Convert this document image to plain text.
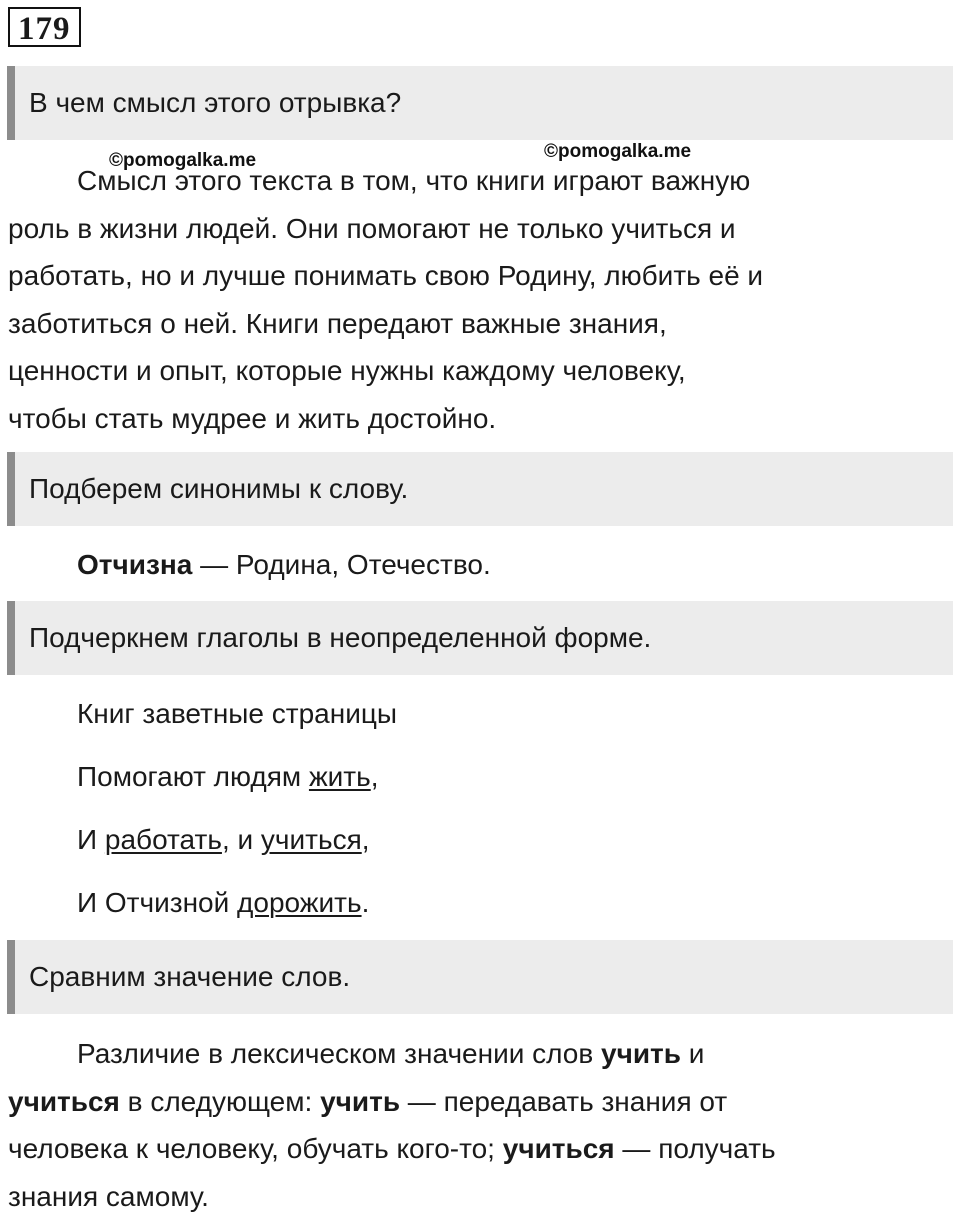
179
В чем смысл этого отрывка?
©pomogalka.me	©pomogalka.me
Смысл этого текста в том, что книги играют важную
роль в жизни людей. Они помогают не только учиться и
работать, но и лучше понимать свою Родину, любить её и
заботиться о ней. Книги передают важные знания,
ценности и опыт, которые нужны каждому человеку,
чтобы стать мудрее и жить достойно.
Подберем синонимы к слову.
Отчизна — Родина, Отечество.
Подчеркнем глаголы в неопределенной форме.
Книг заветные страницы
Помогают людям жить,
И работать, и учиться,
И Отчизной дорожить.
Сравним значение слов.
Различие в лексическом значении слов учить и
учиться в следующем: учить — передавать знания от
человека к человеку, обучать кого-то; учиться — получать
знания самому.
